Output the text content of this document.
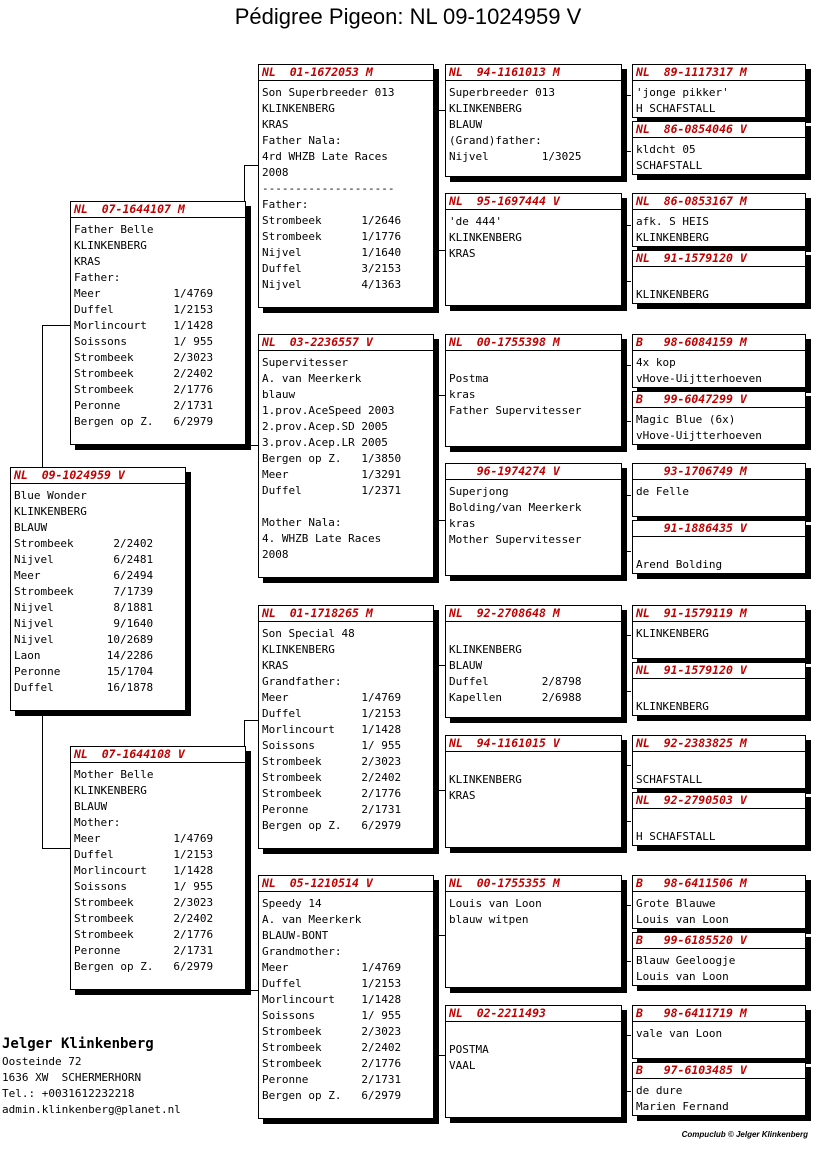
Pédigree Pigeon: NL 09-1024959 V
NL  09-1024959 V
Blue Wonder
KLINKENBERG
BLAUW
Strombeek      2/2402
Nijvel         6/2481
Meer           6/2494
Strombeek      7/1739
Nijvel         8/1881
Nijvel         9/1640
Nijvel        10/2689
Laon          14/2286
Peronne       15/1704
Duffel        16/1878
NL  07-1644107 M
Father Belle
KLINKENBERG
KRAS
Father:
Meer           1/4769
Duffel         1/2153
Morlincourt    1/1428
Soissons       1/ 955
Strombeek      2/3023
Strombeek      2/2402
Strombeek      2/1776
Peronne        2/1731
Bergen op Z.   6/2979
NL  07-1644108 V
Mother Belle
KLINKENBERG
BLAUW
Mother:
Meer           1/4769
Duffel         1/2153
Morlincourt    1/1428
Soissons       1/ 955
Strombeek      2/3023
Strombeek      2/2402
Strombeek      2/1776
Peronne        2/1731
Bergen op Z.   6/2979
NL  01-1672053 M
Son Superbreeder 013
KLINKENBERG
KRAS
Father Nala:
4rd WHZB Late Races
2008
--------------------
Father:
Strombeek      1/2646
Strombeek      1/1776
Nijvel         1/1640
Duffel         3/2153
Nijvel         4/1363
NL  03-2236557 V
Supervitesser
A. van Meerkerk
blauw
1.prov.AceSpeed 2003
2.prov.Acep.SD 2005
3.prov.Acep.LR 2005
Bergen op Z.   1/3850
Meer           1/3291
Duffel         1/2371
Mother Nala:
4. WHZB Late Races
2008
NL  01-1718265 M
Son Special 48
KLINKENBERG
KRAS
Grandfather:
Meer           1/4769
Duffel         1/2153
Morlincourt    1/1428
Soissons       1/ 955
Strombeek      2/3023
Strombeek      2/2402
Strombeek      2/1776
Peronne        2/1731
Bergen op Z.   6/2979
NL  05-1210514 V
Speedy 14
A. van Meerkerk
BLAUW-BONT
Grandmother:
Meer           1/4769
Duffel         1/2153
Morlincourt    1/1428
Soissons       1/ 955
Strombeek      2/3023
Strombeek      2/2402
Strombeek      2/1776
Peronne        2/1731
Bergen op Z.   6/2979
NL  94-1161013 M
Superbreeder 013
KLINKENBERG
BLAUW
(Grand)father:
Nijvel        1/3025
NL  95-1697444 V
'de 444'
KLINKENBERG
KRAS
NL  00-1755398 M
Postma
kras
Father Supervitesser
96-1974274 V
Superjong
Bolding/van Meerkerk
kras
Mother Supervitesser
NL  92-2708648 M
KLINKENBERG
BLAUW
Duffel        2/8798
Kapellen      2/6988
NL  94-1161015 V
KLINKENBERG
KRAS
NL  00-1755355 M
Louis van Loon
blauw witpen
NL  02-2211493
POSTMA
VAAL
NL  89-1117317 M
'jonge pikker'
H SCHAFSTALL
NL  86-0854046 V
kldcht 05
SCHAFSTALL
NL  86-0853167 M
afk. S HEIS
KLINKENBERG
NL  91-1579120 V
KLINKENBERG
B   98-6084159 M
4x kop
vHove-Uijtterhoeven
B   99-6047299 V
Magic Blue (6x)
vHove-Uijtterhoeven
93-1706749 M
de Felle
91-1886435 V
Arend Bolding
NL  91-1579119 M
KLINKENBERG
NL  91-1579120 V
KLINKENBERG
NL  92-2383825 M
SCHAFSTALL
NL  92-2790503 V
H SCHAFSTALL
B   98-6411506 M
Grote Blauwe
Louis van Loon
B   99-6185520 V
Blauw Geeloogje
Louis van Loon
B   98-6411719 M
vale van Loon
B   97-6103485 V
de dure
Marien Fernand
Jelger Klinkenberg
Oosteinde 72
1636 XW  SCHERMERHORN
Tel.: +0031612232218
admin.klinkenberg@planet.nl
Compuclub © Jelger Klinkenberg
